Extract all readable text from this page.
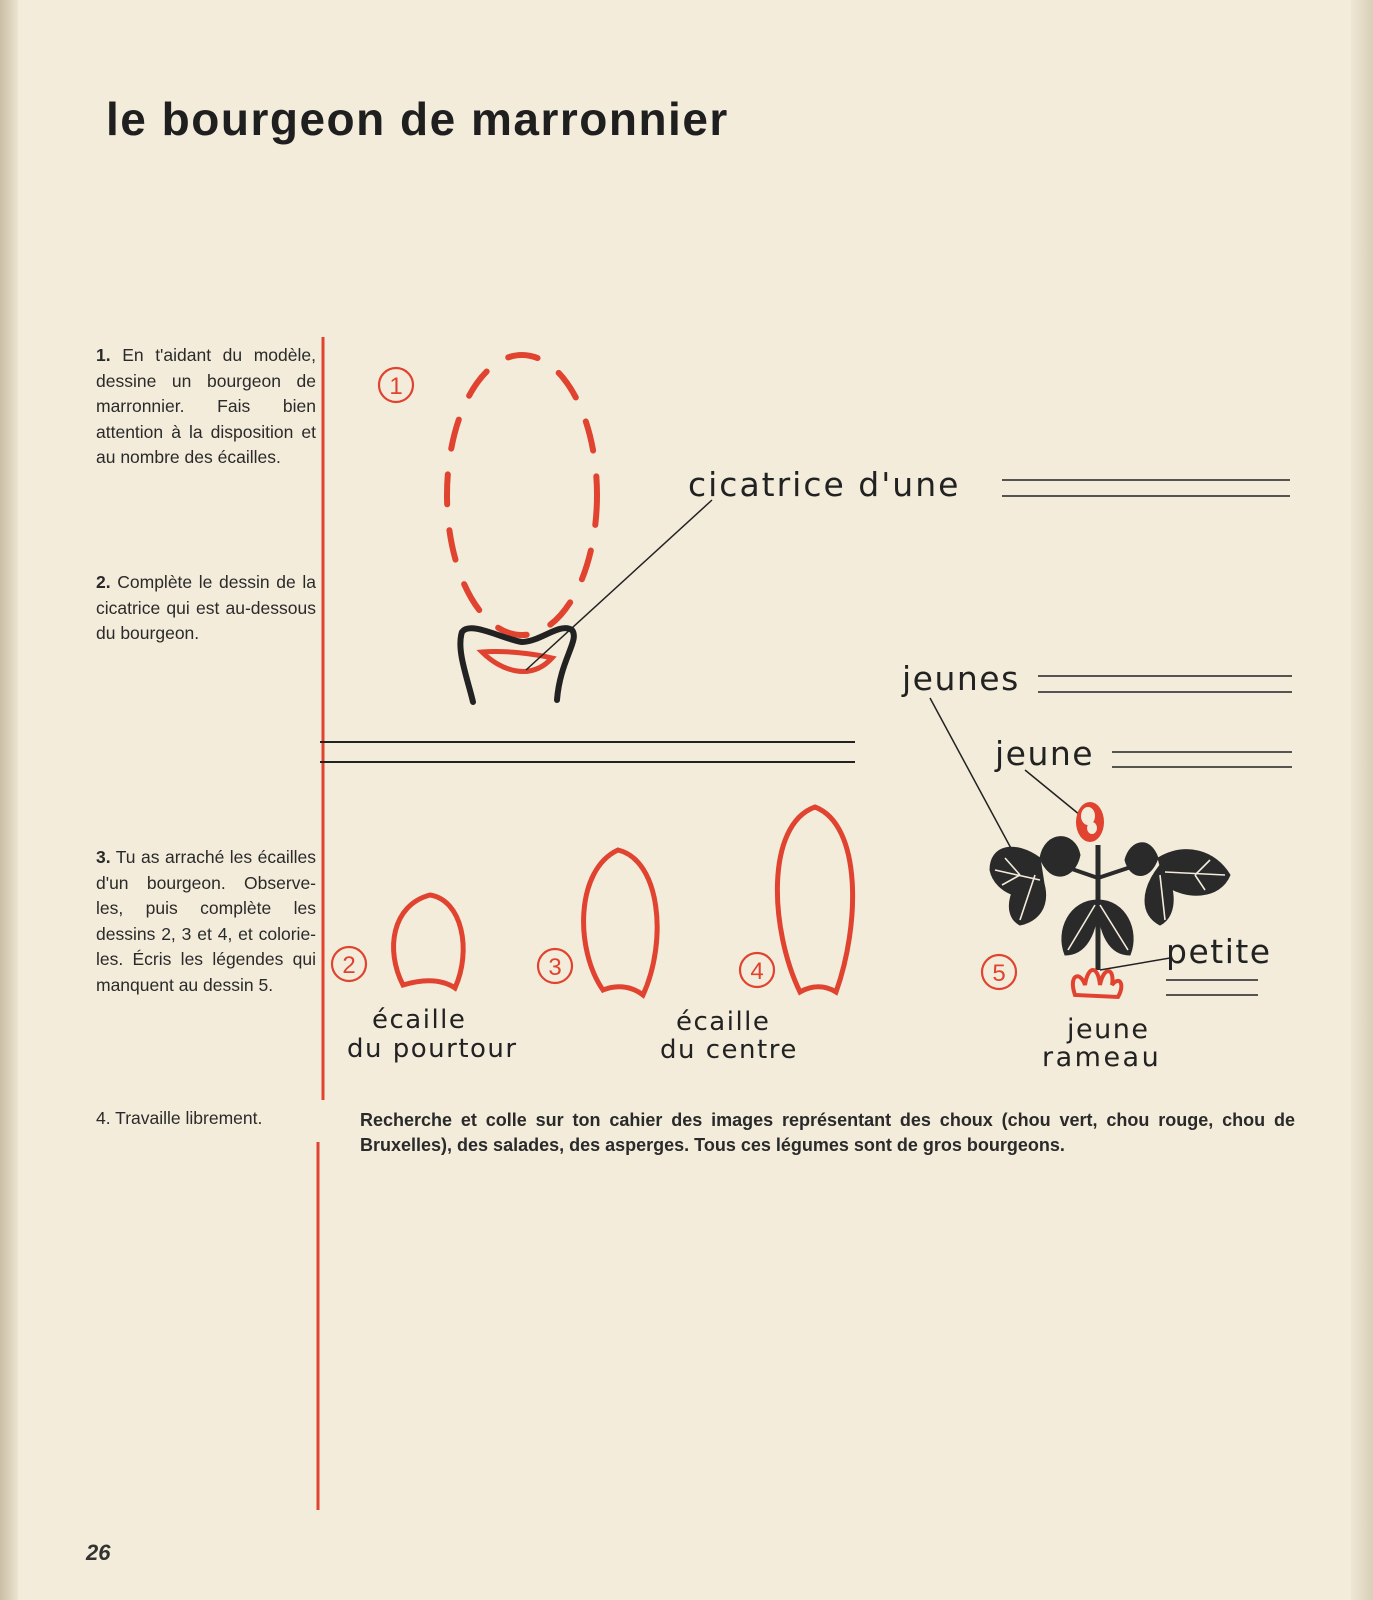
le bourgeon de marronnier
1. En t'aidant du modèle, dessine un bourgeon de marronnier. Fais bien attention à la disposition et au nombre des écailles.
2. Complète le dessin de la cicatrice qui est au-dessous du bourgeon.
3. Tu as arraché les écailles d'un bourgeon. Observe-les, puis complète les dessins 2, 3 et 4, et colorie-les. Écris les légendes qui manquent au dessin 5.
4. Travaille librement.	Recherche et colle sur ton cahier des images représentant des choux (chou vert, chou rouge, chou de Bruxelles), des salades, des asperges. Tous ces légumes sont de gros bourgeons.
26
1
cicatrice d'une
2
écaille
du pourtour
3	4
écaille
du centre
5
jeunes
jeune
petite
jeune
rameau
